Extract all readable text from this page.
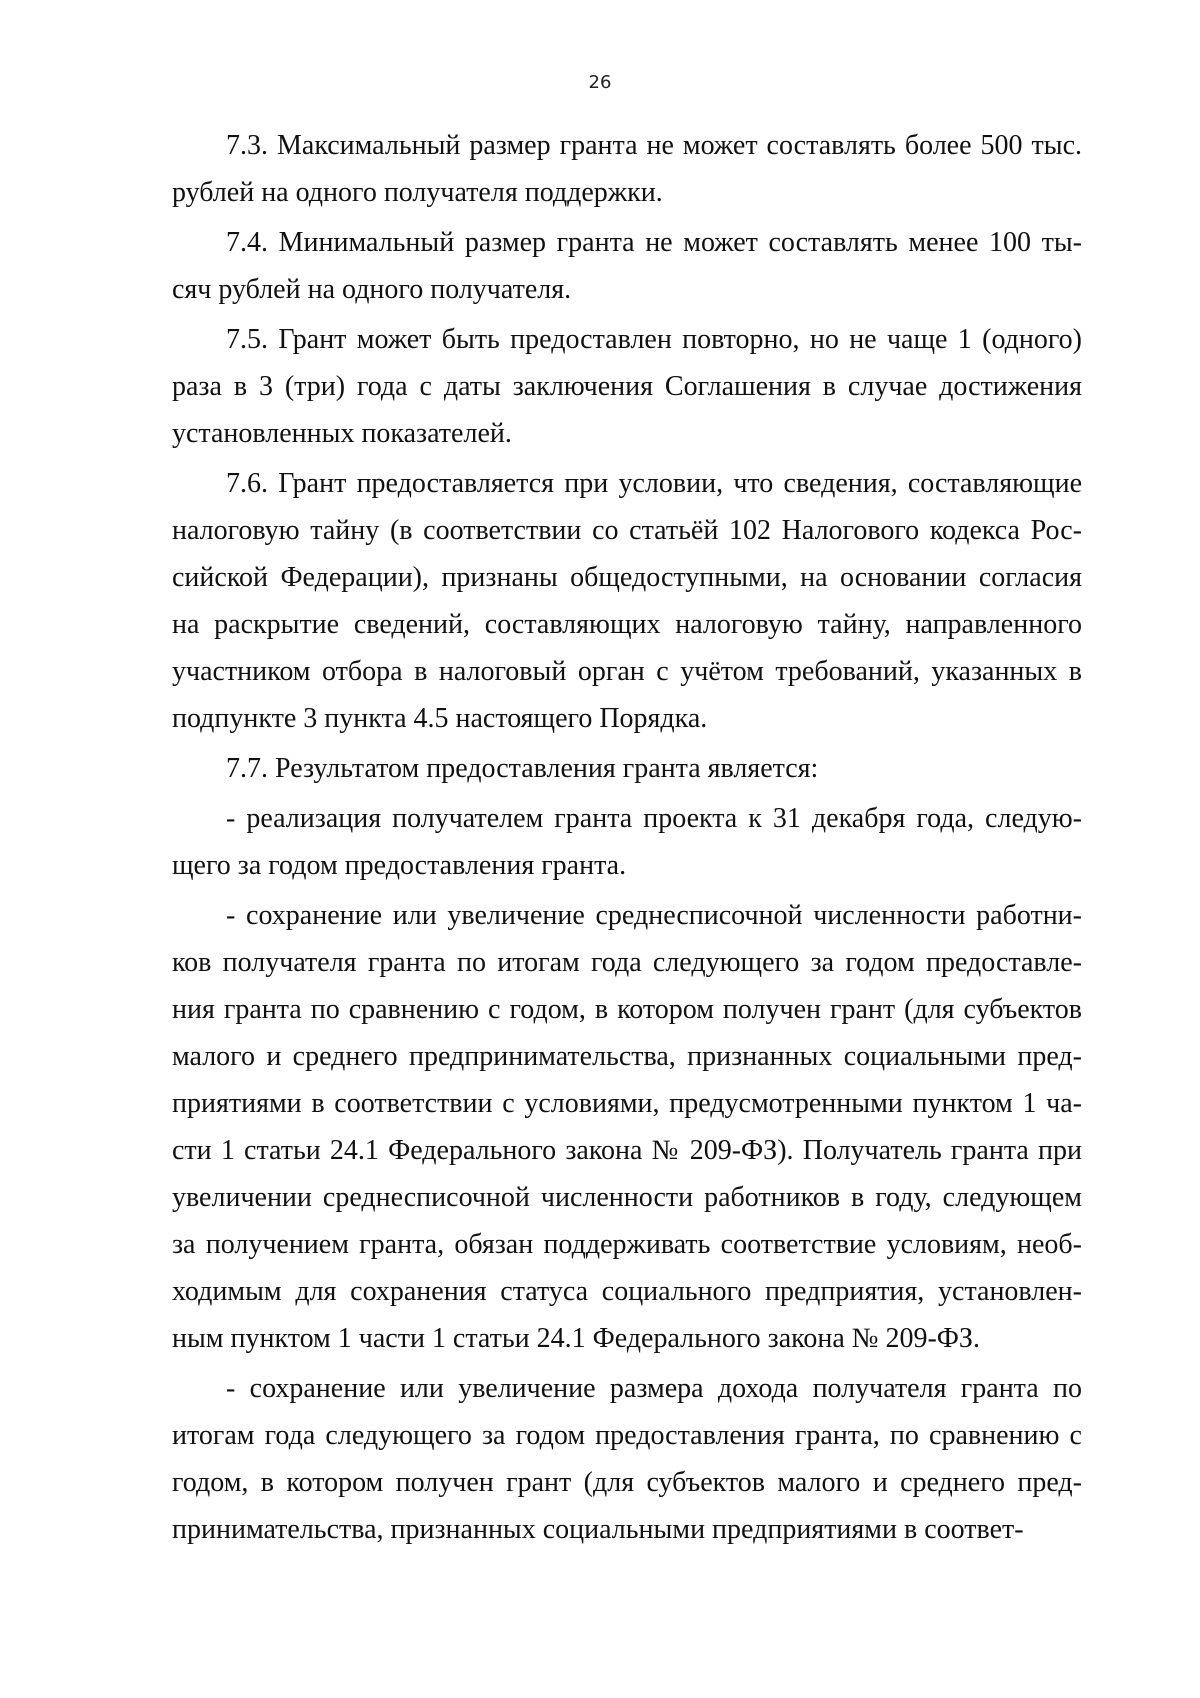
26
7.3. Максимальный размер гранта не может составлять более 500 тыс.
рублей на одного получателя поддержки.
7.4. Минимальный размер гранта не может составлять менее 100 ты-
сяч рублей на одного получателя.
7.5. Грант может быть предоставлен повторно, но не чаще 1 (одного)
раза в 3 (три) года с даты заключения Соглашения в случае достижения
установленных показателей.
7.6. Грант предоставляется при условии, что сведения, составляющие
налоговую тайну (в соответствии со статьёй 102 Налогового кодекса Рос-
сийской Федерации), признаны общедоступными, на основании согласия
на раскрытие сведений, составляющих налоговую тайну, направленного
участником отбора в налоговый орган с учётом требований, указанных в
подпункте 3 пункта 4.5 настоящего Порядка.
7.7. Результатом предоставления гранта является:
- реализация получателем гранта проекта к 31 декабря года, следую-
щего за годом предоставления гранта.
- сохранение или увеличение среднесписочной численности работни-
ков получателя гранта по итогам года следующего за годом предоставле-
ния гранта по сравнению с годом, в котором получен грант (для субъектов
малого и среднего предпринимательства, признанных социальными пред-
приятиями в соответствии с условиями, предусмотренными пунктом 1 ча-
сти 1 статьи 24.1 Федерального закона № 209-ФЗ). Получатель гранта при
увеличении среднесписочной численности работников в году, следующем
за получением гранта, обязан поддерживать соответствие условиям, необ-
ходимым для сохранения статуса социального предприятия, установлен-
ным пунктом 1 части 1 статьи 24.1 Федерального закона № 209-ФЗ.
- сохранение или увеличение размера дохода получателя гранта по
итогам года следующего за годом предоставления гранта, по сравнению с
годом, в котором получен грант (для субъектов малого и среднего пред-
принимательства, признанных социальными предприятиями в соответ-
